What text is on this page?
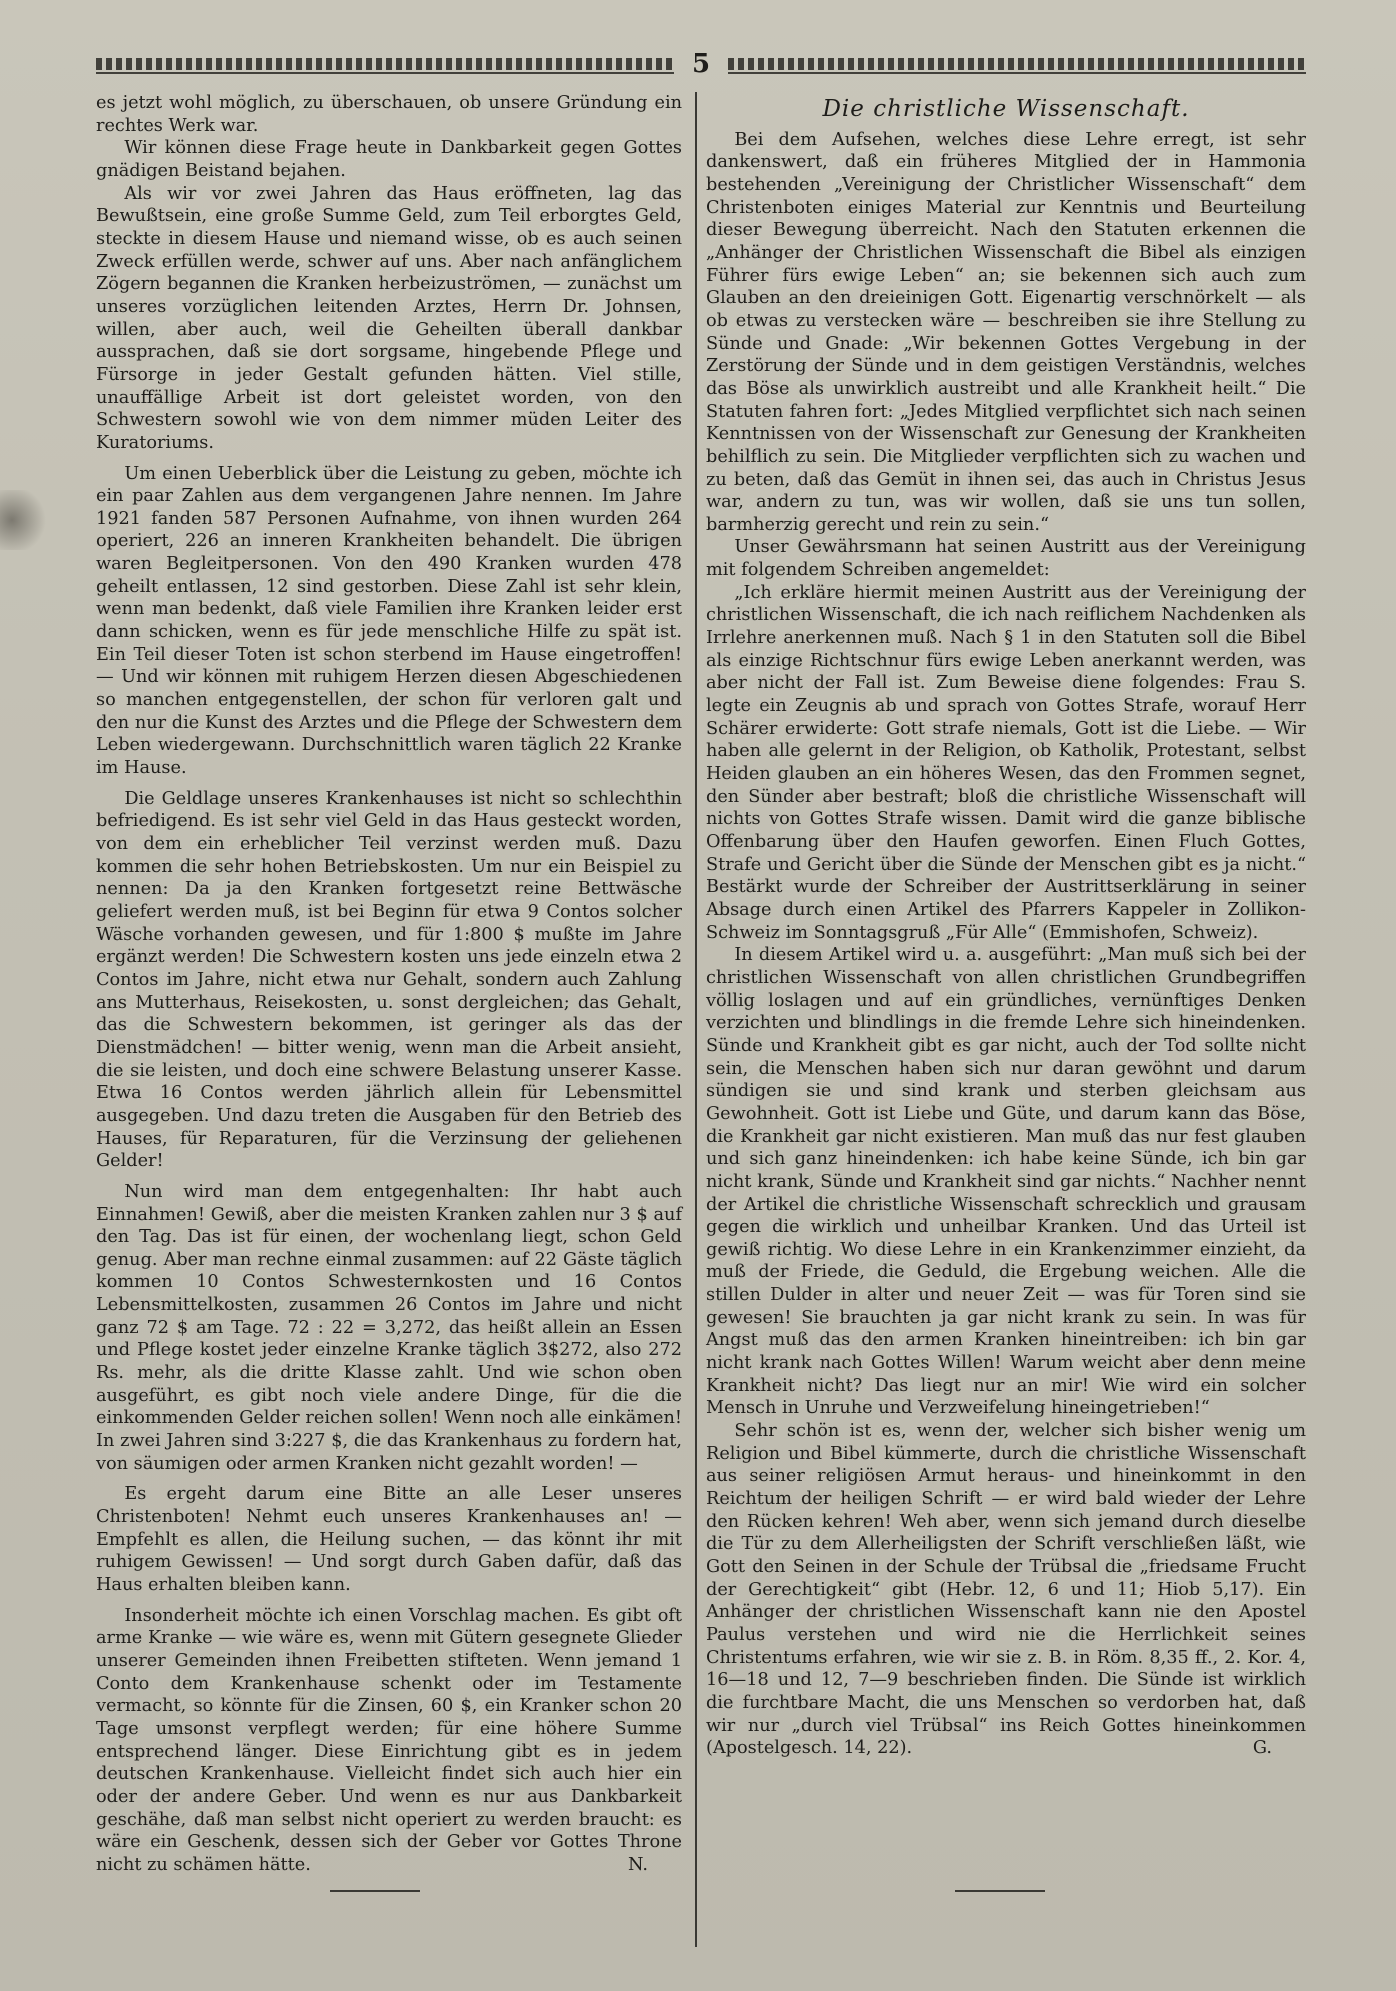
5

es jetzt wohl möglich, zu überschauen, ob unsere Gründung ein rechtes Werk war.

Wir können diese Frage heute in Dankbarkeit gegen Gottes gnädigen Beistand bejahen.

Als wir vor zwei Jahren das Haus eröffneten, lag das Bewußtsein, eine große Summe Geld, zum Teil erborgtes Geld, steckte in diesem Hause und niemand wisse, ob es auch seinen Zweck erfüllen werde, schwer auf uns. Aber nach anfänglichem Zögern begannen die Kranken herbeizuströmen, — zunächst um unseres vorzüglichen leitenden Arztes, Herrn Dr. Johnsen, willen, aber auch, weil die Geheilten überall dankbar aussprachen, daß sie dort sorgsame, hingebende Pflege und Fürsorge in jeder Gestalt gefunden hätten. Viel stille, unauffällige Arbeit ist dort geleistet worden, von den Schwestern sowohl wie von dem nimmer müden Leiter des Kuratoriums.

Um einen Ueberblick über die Leistung zu geben, möchte ich ein paar Zahlen aus dem vergangenen Jahre nennen. Im Jahre 1921 fanden 587 Personen Aufnahme, von ihnen wurden 264 operiert, 226 an inneren Krankheiten behandelt. Die übrigen waren Begleitpersonen. Von den 490 Kranken wurden 478 geheilt entlassen, 12 sind gestorben. Diese Zahl ist sehr klein, wenn man bedenkt, daß viele Familien ihre Kranken leider erst dann schicken, wenn es für jede menschliche Hilfe zu spät ist. Ein Teil dieser Toten ist schon sterbend im Hause eingetroffen! — Und wir können mit ruhigem Herzen diesen Abgeschiedenen so manchen entgegenstellen, der schon für verloren galt und den nur die Kunst des Arztes und die Pflege der Schwestern dem Leben wiedergewann. Durchschnittlich waren täglich 22 Kranke im Hause.

Die Geldlage unseres Krankenhauses ist nicht so schlechthin befriedigend. Es ist sehr viel Geld in das Haus gesteckt worden, von dem ein erheblicher Teil verzinst werden muß. Dazu kommen die sehr hohen Betriebskosten. Um nur ein Beispiel zu nennen: Da ja den Kranken fortgesetzt reine Bettwäsche geliefert werden muß, ist bei Beginn für etwa 9 Contos solcher Wäsche vorhanden gewesen, und für 1:800 $ mußte im Jahre ergänzt werden! Die Schwestern kosten uns jede einzeln etwa 2 Contos im Jahre, nicht etwa nur Gehalt, sondern auch Zahlung ans Mutterhaus, Reisekosten, u. sonst dergleichen; das Gehalt, das die Schwestern bekommen, ist geringer als das der Dienstmädchen! — bitter wenig, wenn man die Arbeit ansieht, die sie leisten, und doch eine schwere Belastung unserer Kasse. Etwa 16 Contos werden jährlich allein für Lebensmittel ausgegeben. Und dazu treten die Ausgaben für den Betrieb des Hauses, für Reparaturen, für die Verzinsung der geliehenen Gelder!

Nun wird man dem entgegenhalten: Ihr habt auch Einnahmen! Gewiß, aber die meisten Kranken zahlen nur 3 $ auf den Tag. Das ist für einen, der wochenlang liegt, schon Geld genug. Aber man rechne einmal zusammen: auf 22 Gäste täglich kommen 10 Contos Schwesternkosten und 16 Contos Lebensmittelkosten, zusammen 26 Contos im Jahre und nicht ganz 72 $ am Tage. 72 : 22 = 3,272, das heißt allein an Essen und Pflege kostet jeder einzelne Kranke täglich 3$272, also 272 Rs. mehr, als die dritte Klasse zahlt. Und wie schon oben ausgeführt, es gibt noch viele andere Dinge, für die die einkommenden Gelder reichen sollen! Wenn noch alle einkämen! In zwei Jahren sind 3:227 $, die das Krankenhaus zu fordern hat, von säumigen oder armen Kranken nicht gezahlt worden! —

Es ergeht darum eine Bitte an alle Leser unseres Christenboten! Nehmt euch unseres Krankenhauses an! — Empfehlt es allen, die Heilung suchen, — das könnt ihr mit ruhigem Gewissen! — Und sorgt durch Gaben dafür, daß das Haus erhalten bleiben kann.

Insonderheit möchte ich einen Vorschlag machen. Es gibt oft arme Kranke — wie wäre es, wenn mit Gütern gesegnete Glieder unserer Gemeinden ihnen Freibetten stifteten. Wenn jemand 1 Conto dem Krankenhause schenkt oder im Testamente vermacht, so könnte für die Zinsen, 60 $, ein Kranker schon 20 Tage umsonst verpflegt werden; für eine höhere Summe entsprechend länger. Diese Einrichtung gibt es in jedem deutschen Krankenhause. Vielleicht findet sich auch hier ein oder der andere Geber. Und wenn es nur aus Dankbarkeit geschähe, daß man selbst nicht operiert zu werden braucht: es wäre ein Geschenk, dessen sich der Geber vor Gottes Throne nicht zu schämen hätte.	N.

Die christliche Wissenschaft.

Bei dem Aufsehen, welches diese Lehre erregt, ist sehr dankenswert, daß ein früheres Mitglied der in Hammonia bestehenden „Vereinigung der Christlicher Wissenschaft“ dem Christenboten einiges Material zur Kenntnis und Beurteilung dieser Bewegung überreicht. Nach den Statuten erkennen die „Anhänger der Christlichen Wissenschaft die Bibel als einzigen Führer fürs ewige Leben“ an; sie bekennen sich auch zum Glauben an den dreieinigen Gott. Eigenartig verschnörkelt — als ob etwas zu verstecken wäre — beschreiben sie ihre Stellung zu Sünde und Gnade: „Wir bekennen Gottes Vergebung in der Zerstörung der Sünde und in dem geistigen Verständnis, welches das Böse als unwirklich austreibt und alle Krankheit heilt.“ Die Statuten fahren fort: „Jedes Mitglied verpflichtet sich nach seinen Kenntnissen von der Wissenschaft zur Genesung der Krankheiten behilflich zu sein. Die Mitglieder verpflichten sich zu wachen und zu beten, daß das Gemüt in ihnen sei, das auch in Christus Jesus war, andern zu tun, was wir wollen, daß sie uns tun sollen, barmherzig gerecht und rein zu sein.“

Unser Gewährsmann hat seinen Austritt aus der Vereinigung mit folgendem Schreiben angemeldet:

„Ich erkläre hiermit meinen Austritt aus der Vereinigung der christlichen Wissenschaft, die ich nach reiflichem Nachdenken als Irrlehre anerkennen muß. Nach § 1 in den Statuten soll die Bibel als einzige Richtschnur fürs ewige Leben anerkannt werden, was aber nicht der Fall ist. Zum Beweise diene folgendes: Frau S. legte ein Zeugnis ab und sprach von Gottes Strafe, worauf Herr Schärer erwiderte: Gott strafe niemals, Gott ist die Liebe. — Wir haben alle gelernt in der Religion, ob Katholik, Protestant, selbst Heiden glauben an ein höheres Wesen, das den Frommen segnet, den Sünder aber bestraft; bloß die christliche Wissenschaft will nichts von Gottes Strafe wissen. Damit wird die ganze biblische Offenbarung über den Haufen geworfen. Einen Fluch Gottes, Strafe und Gericht über die Sünde der Menschen gibt es ja nicht.“ Bestärkt wurde der Schreiber der Austrittserklärung in seiner Absage durch einen Artikel des Pfarrers Kappeler in Zollikon-Schweiz im Sonntagsgruß „Für Alle“ (Emmishofen, Schweiz).

In diesem Artikel wird u. a. ausgeführt: „Man muß sich bei der christlichen Wissenschaft von allen christlichen Grundbegriffen völlig loslagen und auf ein gründliches, vernünftiges Denken verzichten und blindlings in die fremde Lehre sich hineindenken. Sünde und Krankheit gibt es gar nicht, auch der Tod sollte nicht sein, die Menschen haben sich nur daran gewöhnt und darum sündigen sie und sind krank und sterben gleichsam aus Gewohnheit. Gott ist Liebe und Güte, und darum kann das Böse, die Krankheit gar nicht existieren. Man muß das nur fest glauben und sich ganz hineindenken: ich habe keine Sünde, ich bin gar nicht krank, Sünde und Krankheit sind gar nichts.“ Nachher nennt der Artikel die christliche Wissenschaft schrecklich und grausam gegen die wirklich und unheilbar Kranken. Und das Urteil ist gewiß richtig. Wo diese Lehre in ein Krankenzimmer einzieht, da muß der Friede, die Geduld, die Ergebung weichen. Alle die stillen Dulder in alter und neuer Zeit — was für Toren sind sie gewesen! Sie brauchten ja gar nicht krank zu sein. In was für Angst muß das den armen Kranken hineintreiben: ich bin gar nicht krank nach Gottes Willen! Warum weicht aber denn meine Krankheit nicht? Das liegt nur an mir! Wie wird ein solcher Mensch in Unruhe und Verzweifelung hineingetrieben!“

Sehr schön ist es, wenn der, welcher sich bisher wenig um Religion und Bibel kümmerte, durch die christliche Wissenschaft aus seiner religiösen Armut heraus- und hineinkommt in den Reichtum der heiligen Schrift — er wird bald wieder der Lehre den Rücken kehren! Weh aber, wenn sich jemand durch dieselbe die Tür zu dem Allerheiligsten der Schrift verschließen läßt, wie Gott den Seinen in der Schule der Trübsal die „friedsame Frucht der Gerechtigkeit“ gibt (Hebr. 12, 6 und 11; Hiob 5,17). Ein Anhänger der christlichen Wissenschaft kann nie den Apostel Paulus verstehen und wird nie die Herrlichkeit seines Christentums erfahren, wie wir sie z. B. in Röm. 8,35 ff., 2. Kor. 4, 16—18 und 12, 7—9 beschrieben finden. Die Sünde ist wirklich die furchtbare Macht, die uns Menschen so verdorben hat, daß wir nur „durch viel Trübsal“ ins Reich Gottes hineinkommen (Apostelgesch. 14, 22).	G.
